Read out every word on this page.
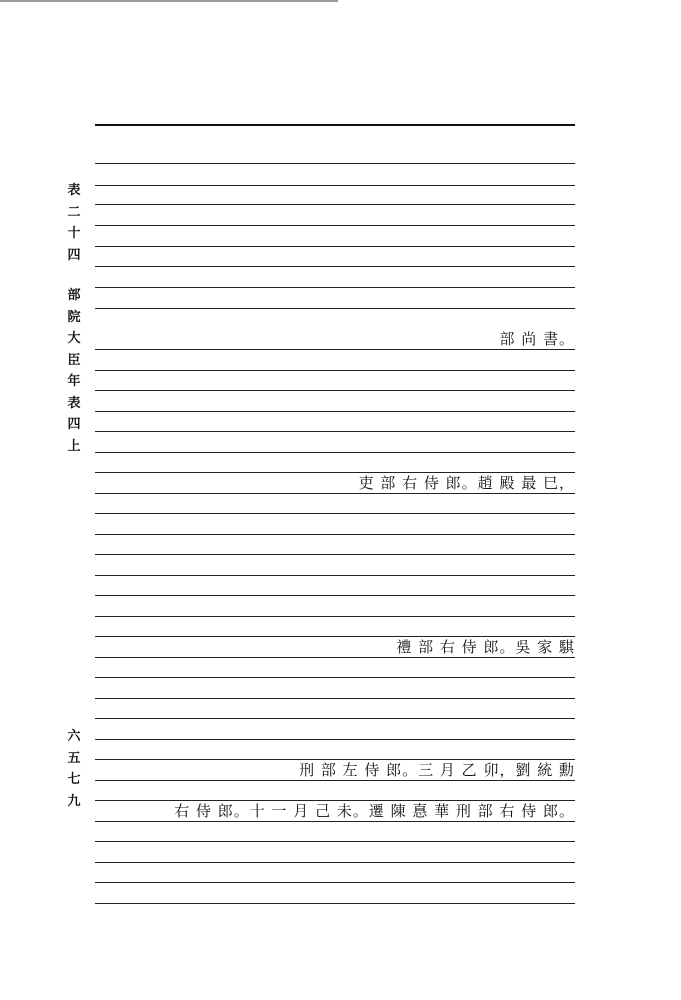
表
二
十
四
部
院
大
臣
年
表
四
上
六
五
七
九
部 尚 書。
吏 部 右 侍 郎。趙 殿 最 巳，
禮 部 右 侍 郎。吳 家 騏
刑 部 左 侍 郎。三 月 乙 卯，劉 統 勳
右 侍 郎。十 一 月 己 未。遷 陳 惪 華 刑 部 右 侍 郎。
